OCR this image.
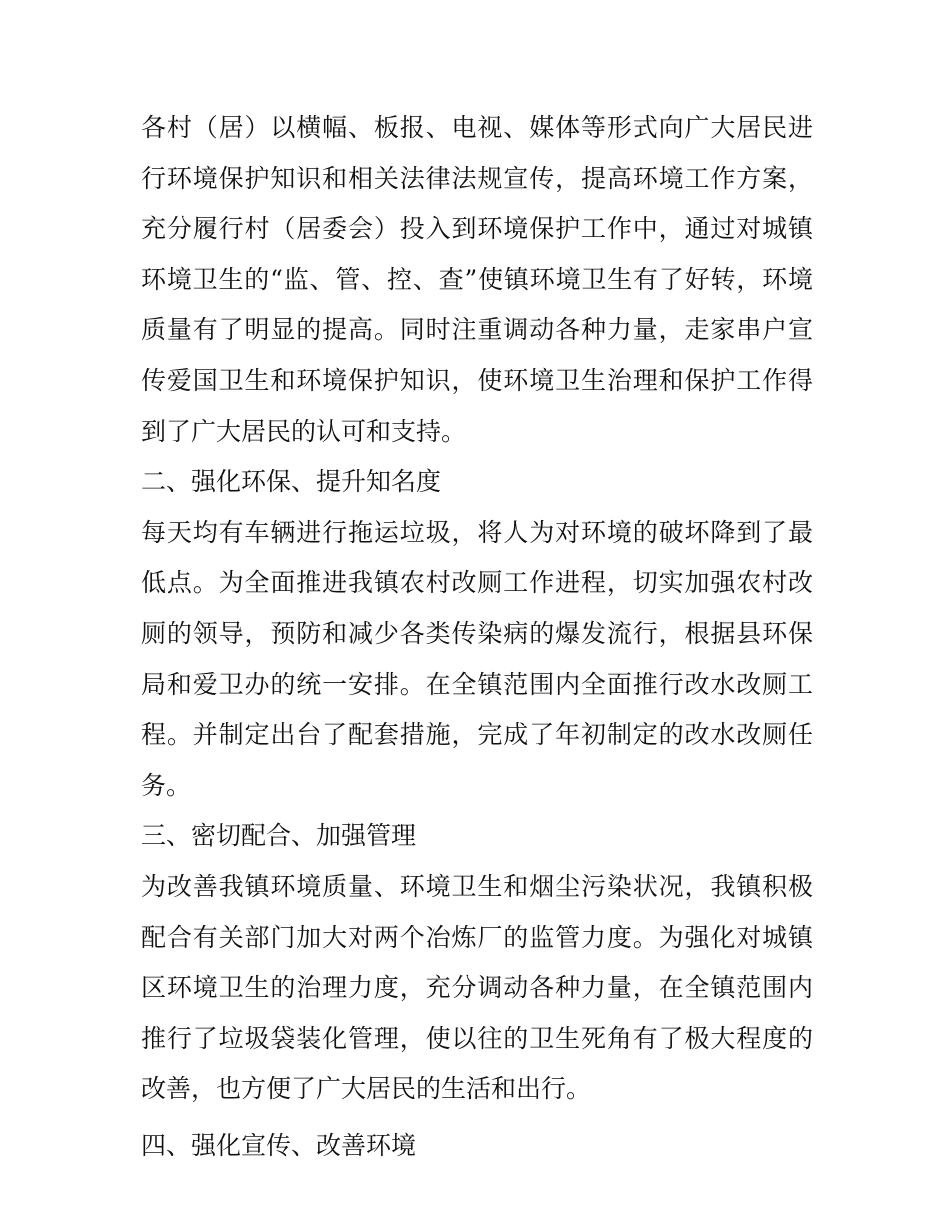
各村（居）以横幅、板报、电视、媒体等形式向广大居民进行环境保护知识和相关法律法规宣传，提高环境工作方案，充分履行村（居委会）投入到环境保护工作中，通过对城镇环境卫生的“监、管、控、查”使镇环境卫生有了好转，环境质量有了明显的提高。同时注重调动各种力量，走家串户宣传爱国卫生和环境保护知识，使环境卫生治理和保护工作得到了广大居民的认可和支持。

二、强化环保、提升知名度

每天均有车辆进行拖运垃圾，将人为对环境的破坏降到了最低点。为全面推进我镇农村改厕工作进程，切实加强农村改厕的领导，预防和减少各类传染病的爆发流行，根据县环保局和爱卫办的统一安排。在全镇范围内全面推行改水改厕工程。并制定出台了配套措施，完成了年初制定的改水改厕任务。

三、密切配合、加强管理

为改善我镇环境质量、环境卫生和烟尘污染状况，我镇积极配合有关部门加大对两个冶炼厂的监管力度。为强化对城镇区环境卫生的治理力度，充分调动各种力量，在全镇范围内推行了垃圾袋装化管理，使以往的卫生死角有了极大程度的改善，也方便了广大居民的生活和出行。

四、强化宣传、改善环境
